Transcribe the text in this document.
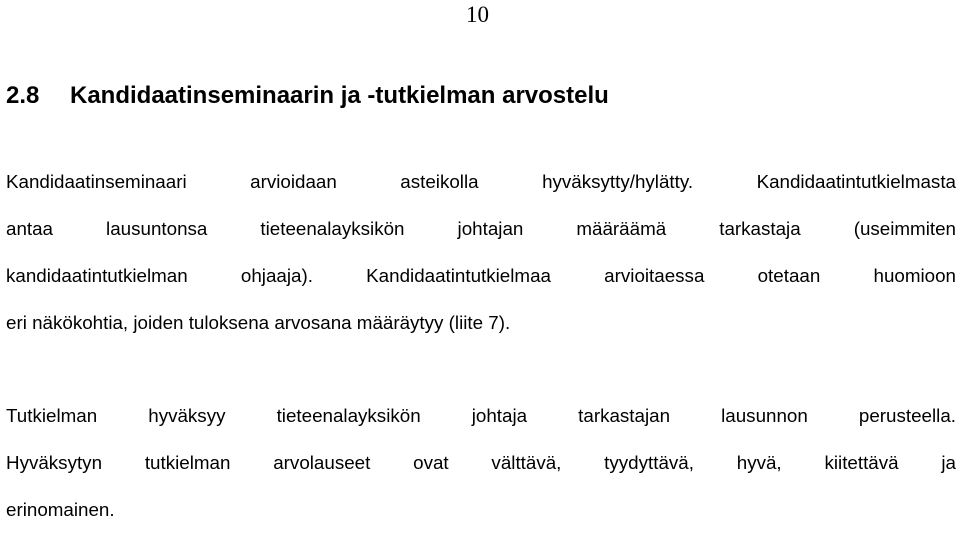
10
2.8 Kandidaatinseminaarin ja -tutkielman arvostelu
Kandidaatinseminaari arvioidaan asteikolla hyväksytty/hylätty. Kandidaatintutkielmasta
antaa lausuntonsa tieteenalayksikön johtajan määräämä tarkastaja (useimmiten
kandidaatintutkielman ohjaaja). Kandidaatintutkielmaa arvioitaessa otetaan huomioon
eri näkökohtia, joiden tuloksena arvosana määräytyy (liite 7).
Tutkielman hyväksyy tieteenalayksikön johtaja tarkastajan lausunnon perusteella.
Hyväksytyn tutkielman arvolauseet ovat välttävä, tyydyttävä, hyvä, kiitettävä ja
erinomainen.
